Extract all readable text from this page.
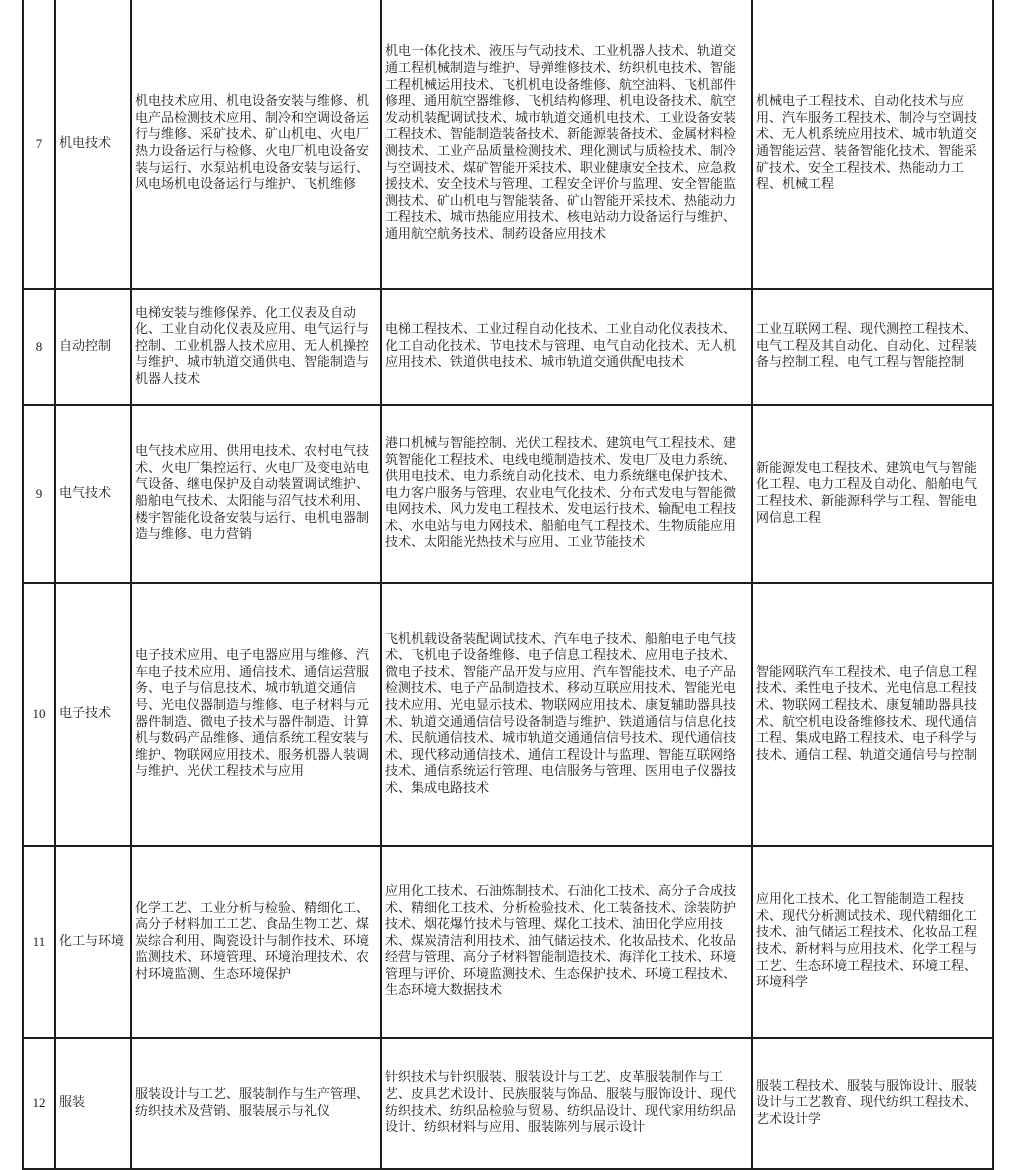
7	机电技术	机电技术应用、机电设备安装与维修、机电产品检测技术应用、制冷和空调设备运行与维修、采矿技术、矿山机电、火电厂热力设备运行与检修、火电厂机电设备安装与运行、水泵站机电设备安装与运行、风电场机电设备运行与维护、飞机维修	机电一体化技术、液压与气动技术、工业机器人技术、轨道交通工程机械制造与维护、导弹维修技术、纺织机电技术、智能工程机械运用技术、飞机机电设备维修、航空油料、飞机部件修理、通用航空器维修、飞机结构修理、机电设备技术、航空发动机装配调试技术、城市轨道交通机电技术、工业设备安装工程技术、智能制造装备技术、新能源装备技术、金属材料检测技术、工业产品质量检测技术、理化测试与质检技术、制冷与空调技术、煤矿智能开采技术、职业健康安全技术、应急救援技术、安全技术与管理、工程安全评价与监理、安全智能监测技术、矿山机电与智能装备、矿山智能开采技术、热能动力工程技术、城市热能应用技术、核电站动力设备运行与维护、通用航空航务技术、制药设备应用技术	机械电子工程技术、自动化技术与应用、汽车服务工程技术、制冷与空调技术、无人机系统应用技术、城市轨道交通智能运营、装备智能化技术、智能采矿技术、安全工程技术、热能动力工程、机械工程
8	自动控制	电梯安装与维修保养、化工仪表及自动化、工业自动化仪表及应用、电气运行与控制、工业机器人技术应用、无人机操控与维护、城市轨道交通供电、智能制造与机器人技术	电梯工程技术、工业过程自动化技术、工业自动化仪表技术、化工自动化技术、节电技术与管理、电气自动化技术、无人机应用技术、铁道供电技术、城市轨道交通供配电技术	工业互联网工程、现代测控工程技术、电气工程及其自动化、自动化、过程装备与控制工程、电气工程与智能控制
9	电气技术	电气技术应用、供用电技术、农村电气技术、火电厂集控运行、火电厂及变电站电气设备、继电保护及自动装置调试维护、船舶电气技术、太阳能与沼气技术利用、楼宇智能化设备安装与运行、电机电器制造与维修、电力营销	港口机械与智能控制、光伏工程技术、建筑电气工程技术、建筑智能化工程技术、电线电缆制造技术、发电厂及电力系统、供用电技术、电力系统自动化技术、电力系统继电保护技术、电力客户服务与管理、农业电气化技术、分布式发电与智能微电网技术、风力发电工程技术、发电运行技术、输配电工程技术、水电站与电力网技术、船舶电气工程技术、生物质能应用技术、太阳能光热技术与应用、工业节能技术	新能源发电工程技术、建筑电气与智能化工程、电力工程及自动化、船舶电气工程技术、新能源科学与工程、智能电网信息工程
10	电子技术	电子技术应用、电子电器应用与维修、汽车电子技术应用、通信技术、通信运营服务、电子与信息技术、城市轨道交通信号、光电仪器制造与维修、电子材料与元器件制造、微电子技术与器件制造、计算机与数码产品维修、通信系统工程安装与维护、物联网应用技术、服务机器人装调与维护、光伏工程技术与应用	飞机机载设备装配调试技术、汽车电子技术、船舶电子电气技术、飞机电子设备维修、电子信息工程技术、应用电子技术、微电子技术、智能产品开发与应用、汽车智能技术、电子产品检测技术、电子产品制造技术、移动互联应用技术、智能光电技术应用、光电显示技术、物联网应用技术、康复辅助器具技术、轨道交通通信信号设备制造与维护、铁道通信与信息化技术、民航通信技术、城市轨道交通通信信号技术、现代通信技术、现代移动通信技术、通信工程设计与监理、智能互联网络技术、通信系统运行管理、电信服务与管理、医用电子仪器技术、集成电路技术	智能网联汽车工程技术、电子信息工程技术、柔性电子技术、光电信息工程技术、物联网工程技术、康复辅助器具技术、航空机电设备维修技术、现代通信工程、集成电路工程技术、电子科学与技术、通信工程、轨道交通信号与控制
11	化工与环境	化学工艺、工业分析与检验、精细化工、高分子材料加工工艺、食品生物工艺、煤炭综合利用、陶瓷设计与制作技术、环境监测技术、环境管理、环境治理技术、农村环境监测、生态环境保护	应用化工技术、石油炼制技术、石油化工技术、高分子合成技术、精细化工技术、分析检验技术、化工装备技术、涂装防护技术、烟花爆竹技术与管理、煤化工技术、油田化学应用技术、煤炭清洁利用技术、油气储运技术、化妆品技术、化妆品经营与管理、高分子材料智能制造技术、海洋化工技术、环境管理与评价、环境监测技术、生态保护技术、环境工程技术、生态环境大数据技术	应用化工技术、化工智能制造工程技术、现代分析测试技术、现代精细化工技术、油气储运工程技术、化妆品工程技术、新材料与应用技术、化学工程与工艺、生态环境工程技术、环境工程、环境科学
12	服装	服装设计与工艺、服装制作与生产管理、纺织技术及营销、服装展示与礼仪	针织技术与针织服装、服装设计与工艺、皮革服装制作与工艺、皮具艺术设计、民族服装与饰品、服装与服饰设计、现代纺织技术、纺织品检验与贸易、纺织品设计、现代家用纺织品设计、纺织材料与应用、服装陈列与展示设计	服装工程技术、服装与服饰设计、服装设计与工艺教育、现代纺织工程技术、艺术设计学
